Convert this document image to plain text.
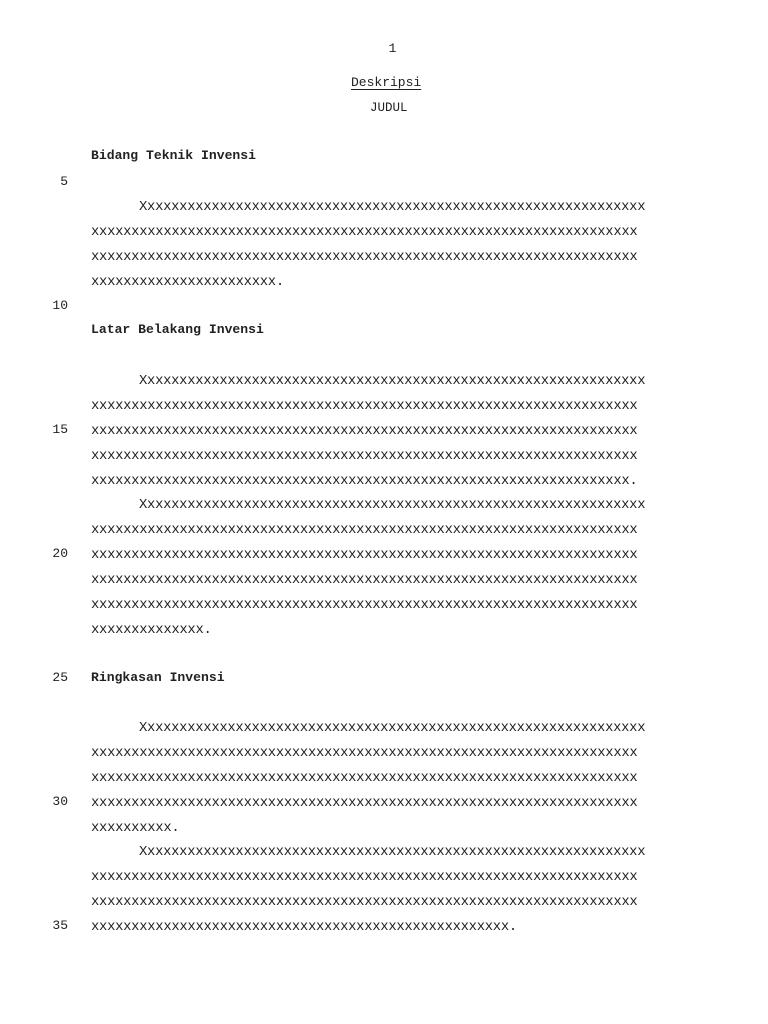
1
Deskripsi
JUDUL
5
10
15
20
25
30
35
Bidang Teknik Invensi
Xxxxxxxxxxxxxxxxxxxxxxxxxxxxxxxxxxxxxxxxxxxxxxxxxxxxxxxxxxxxxxx
xxxxxxxxxxxxxxxxxxxxxxxxxxxxxxxxxxxxxxxxxxxxxxxxxxxxxxxxxxxxxxxxxxxx
xxxxxxxxxxxxxxxxxxxxxxxxxxxxxxxxxxxxxxxxxxxxxxxxxxxxxxxxxxxxxxxxxxxx
xxxxxxxxxxxxxxxxxxxxxxx.
Latar Belakang Invensi
Xxxxxxxxxxxxxxxxxxxxxxxxxxxxxxxxxxxxxxxxxxxxxxxxxxxxxxxxxxxxxxx
xxxxxxxxxxxxxxxxxxxxxxxxxxxxxxxxxxxxxxxxxxxxxxxxxxxxxxxxxxxxxxxxxxxx
xxxxxxxxxxxxxxxxxxxxxxxxxxxxxxxxxxxxxxxxxxxxxxxxxxxxxxxxxxxxxxxxxxxx
xxxxxxxxxxxxxxxxxxxxxxxxxxxxxxxxxxxxxxxxxxxxxxxxxxxxxxxxxxxxxxxxxxxx
xxxxxxxxxxxxxxxxxxxxxxxxxxxxxxxxxxxxxxxxxxxxxxxxxxxxxxxxxxxxxxxxxxx.
Xxxxxxxxxxxxxxxxxxxxxxxxxxxxxxxxxxxxxxxxxxxxxxxxxxxxxxxxxxxxxxx
xxxxxxxxxxxxxxxxxxxxxxxxxxxxxxxxxxxxxxxxxxxxxxxxxxxxxxxxxxxxxxxxxxxx
xxxxxxxxxxxxxxxxxxxxxxxxxxxxxxxxxxxxxxxxxxxxxxxxxxxxxxxxxxxxxxxxxxxx
xxxxxxxxxxxxxxxxxxxxxxxxxxxxxxxxxxxxxxxxxxxxxxxxxxxxxxxxxxxxxxxxxxxx
xxxxxxxxxxxxxxxxxxxxxxxxxxxxxxxxxxxxxxxxxxxxxxxxxxxxxxxxxxxxxxxxxxxx
xxxxxxxxxxxxxx.
Ringkasan Invensi
Xxxxxxxxxxxxxxxxxxxxxxxxxxxxxxxxxxxxxxxxxxxxxxxxxxxxxxxxxxxxxxx
xxxxxxxxxxxxxxxxxxxxxxxxxxxxxxxxxxxxxxxxxxxxxxxxxxxxxxxxxxxxxxxxxxxx
xxxxxxxxxxxxxxxxxxxxxxxxxxxxxxxxxxxxxxxxxxxxxxxxxxxxxxxxxxxxxxxxxxxx
xxxxxxxxxxxxxxxxxxxxxxxxxxxxxxxxxxxxxxxxxxxxxxxxxxxxxxxxxxxxxxxxxxxx
xxxxxxxxxx.
Xxxxxxxxxxxxxxxxxxxxxxxxxxxxxxxxxxxxxxxxxxxxxxxxxxxxxxxxxxxxxxx
xxxxxxxxxxxxxxxxxxxxxxxxxxxxxxxxxxxxxxxxxxxxxxxxxxxxxxxxxxxxxxxxxxxx
xxxxxxxxxxxxxxxxxxxxxxxxxxxxxxxxxxxxxxxxxxxxxxxxxxxxxxxxxxxxxxxxxxxx
xxxxxxxxxxxxxxxxxxxxxxxxxxxxxxxxxxxxxxxxxxxxxxxxxxxx.
